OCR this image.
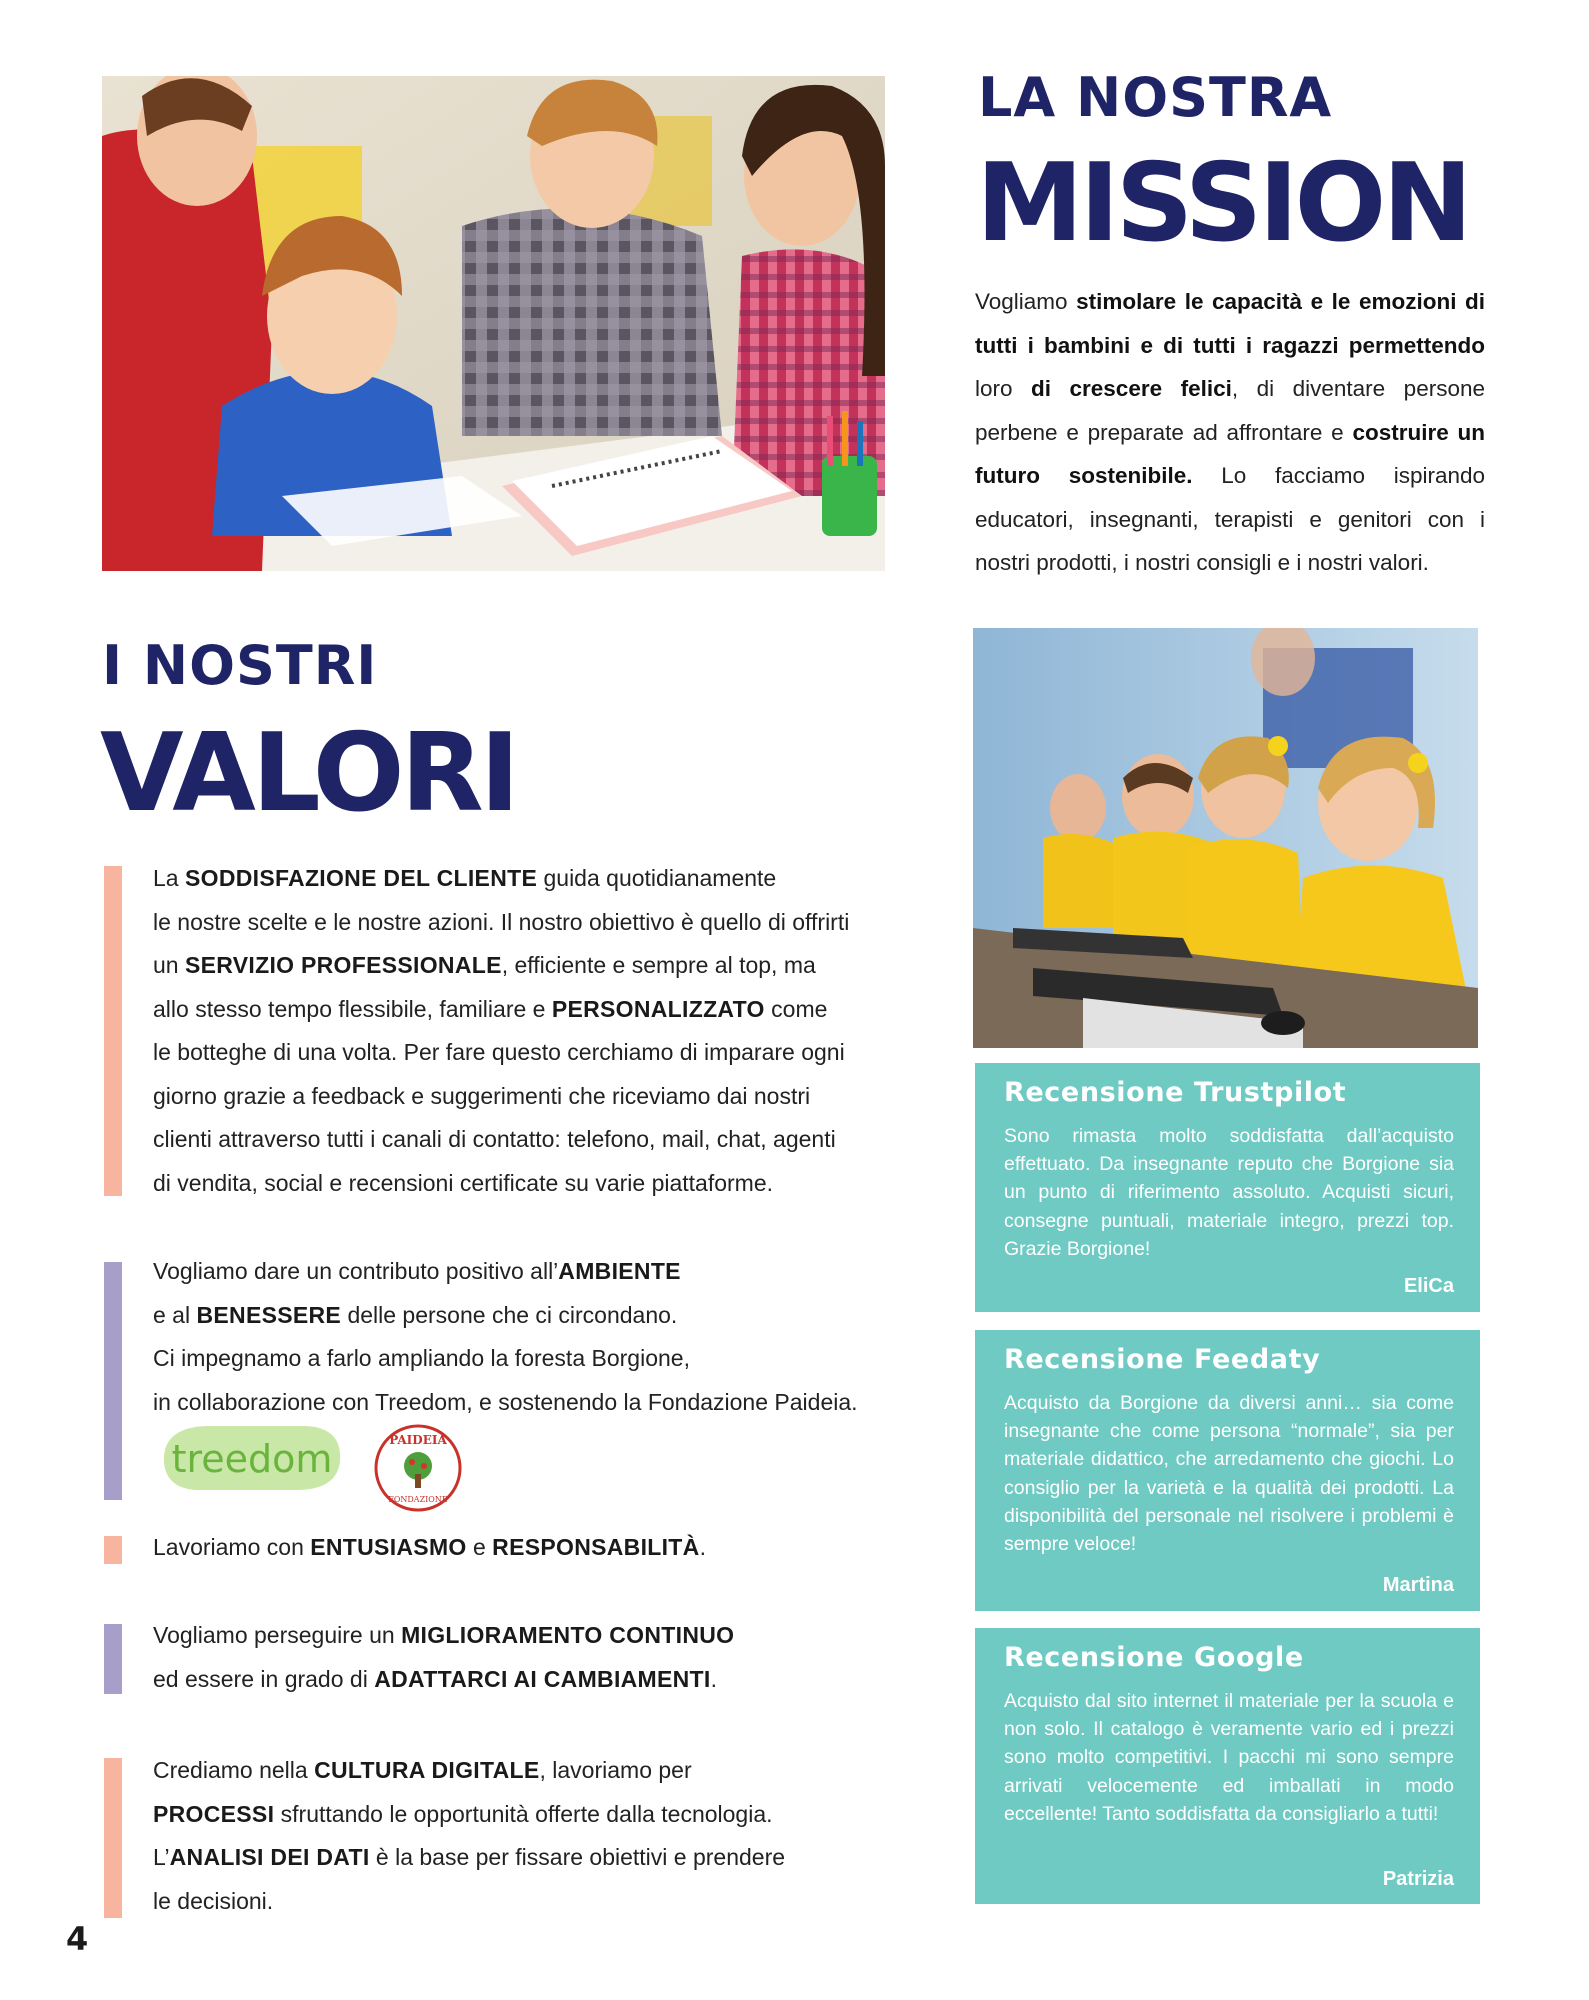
LA NOSTRA
MISSION
Vogliamo stimolare le capacità e le emozioni di tutti i bambini e di tutti i ragazzi permettendo loro di crescere felici, di diventare persone perbene e preparate ad affrontare e costruire un futuro sostenibile. Lo facciamo ispirando educatori, insegnanti, terapisti e genitori con i nostri prodotti, i nostri consigli e i nostri valori.
I NOSTRI
VALORI
La SODDISFAZIONE DEL CLIENTE guida quotidianamente
le nostre scelte e le nostre azioni. Il nostro obiettivo è quello di offrirti
un SERVIZIO PROFESSIONALE, efficiente e sempre al top, ma
allo stesso tempo flessibile, familiare e PERSONALIZZATO come
le botteghe di una volta. Per fare questo cerchiamo di imparare ogni
giorno grazie a feedback e suggerimenti che riceviamo dai nostri
clienti attraverso tutti i canali di contatto: telefono, mail, chat, agenti
di vendita, social e recensioni certificate su varie piattaforme.
Vogliamo dare un contributo positivo all’AMBIENTE
e al BENESSERE delle persone che ci circondano.
Ci impegnamo a farlo ampliando la foresta Borgione,
in collaborazione con Treedom, e sostenendo la Fondazione Paideia.
treedom	PAIDEIA
FONDAZIONE
Lavoriamo con ENTUSIASMO e RESPONSABILITÀ.
Vogliamo perseguire un MIGLIORAMENTO CONTINUO
ed essere in grado di ADATTARCI AI CAMBIAMENTI.
Crediamo nella CULTURA DIGITALE, lavoriamo per
PROCESSI sfruttando le opportunità offerte dalla tecnologia.
L’ANALISI DEI DATI è la base per fissare obiettivi e prendere
le decisioni.
Recensione Trustpilot
Sono rimasta molto soddisfatta dall’acquisto effettuato. Da insegnante reputo che Borgione sia un punto di riferimento assoluto. Acquisti sicuri, consegne puntuali, materiale integro, prezzi top. Grazie Borgione!
EliCa
Recensione Feedaty
Acquisto da Borgione da diversi anni… sia come insegnante che come persona “normale”, sia per materiale didattico, che arredamento che giochi. Lo consiglio per la varietà e la qualità dei prodotti. La disponibilità del personale nel risolvere i problemi è sempre veloce!
Martina
Recensione Google
Acquisto dal sito internet il materiale per la scuola e non solo. Il catalogo è veramente vario ed i prezzi sono molto competitivi. I pacchi mi sono sempre arrivati velocemente ed imballati in modo eccellente! Tanto soddisfatta da consigliarlo a tutti!
Patrizia
4
